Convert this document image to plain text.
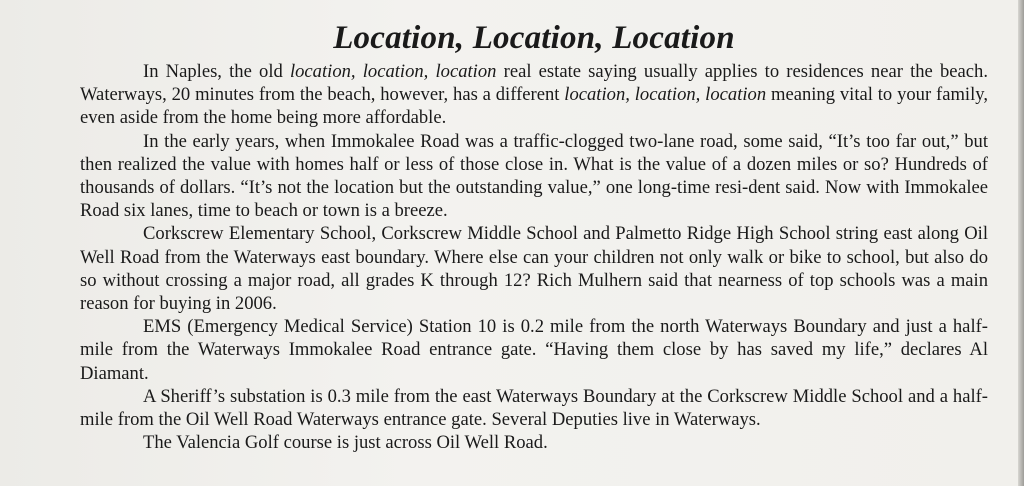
Location, Location, Location

In Naples, the old location, location, location real estate saying usually applies to residences near the beach. Waterways, 20 minutes from the beach, however, has a different location, location, location meaning vital to your family, even aside from the home being more affordable.

In the early years, when Immokalee Road was a traffic-clogged two-lane road, some said, “It’s too far out,” but then realized the value with homes half or less of those close in. What is the value of a dozen miles or so? Hundreds of thousands of dollars. “It’s not the location but the outstanding value,” one long-time resi-dent said. Now with Immokalee Road six lanes, time to beach or town is a breeze.

Corkscrew Elementary School, Corkscrew Middle School and Palmetto Ridge High School string east along Oil Well Road from the Waterways east boundary. Where else can your children not only walk or bike to school, but also do so without crossing a major road, all grades K through 12? Rich Mulhern said that nearness of top schools was a main reason for buying in 2006.

EMS (Emergency Medical Service) Station 10 is 0.2 mile from the north Waterways Boundary and just a half-mile from the Waterways Immokalee Road entrance gate. “Having them close by has saved my life,” declares Al Diamant.

A Sheriff’s substation is 0.3 mile from the east Waterways Boundary at the Corkscrew Middle School and a half-mile from the Oil Well Road Waterways entrance gate. Several Deputies live in Waterways.

The Valencia Golf course is just across Oil Well Road.
